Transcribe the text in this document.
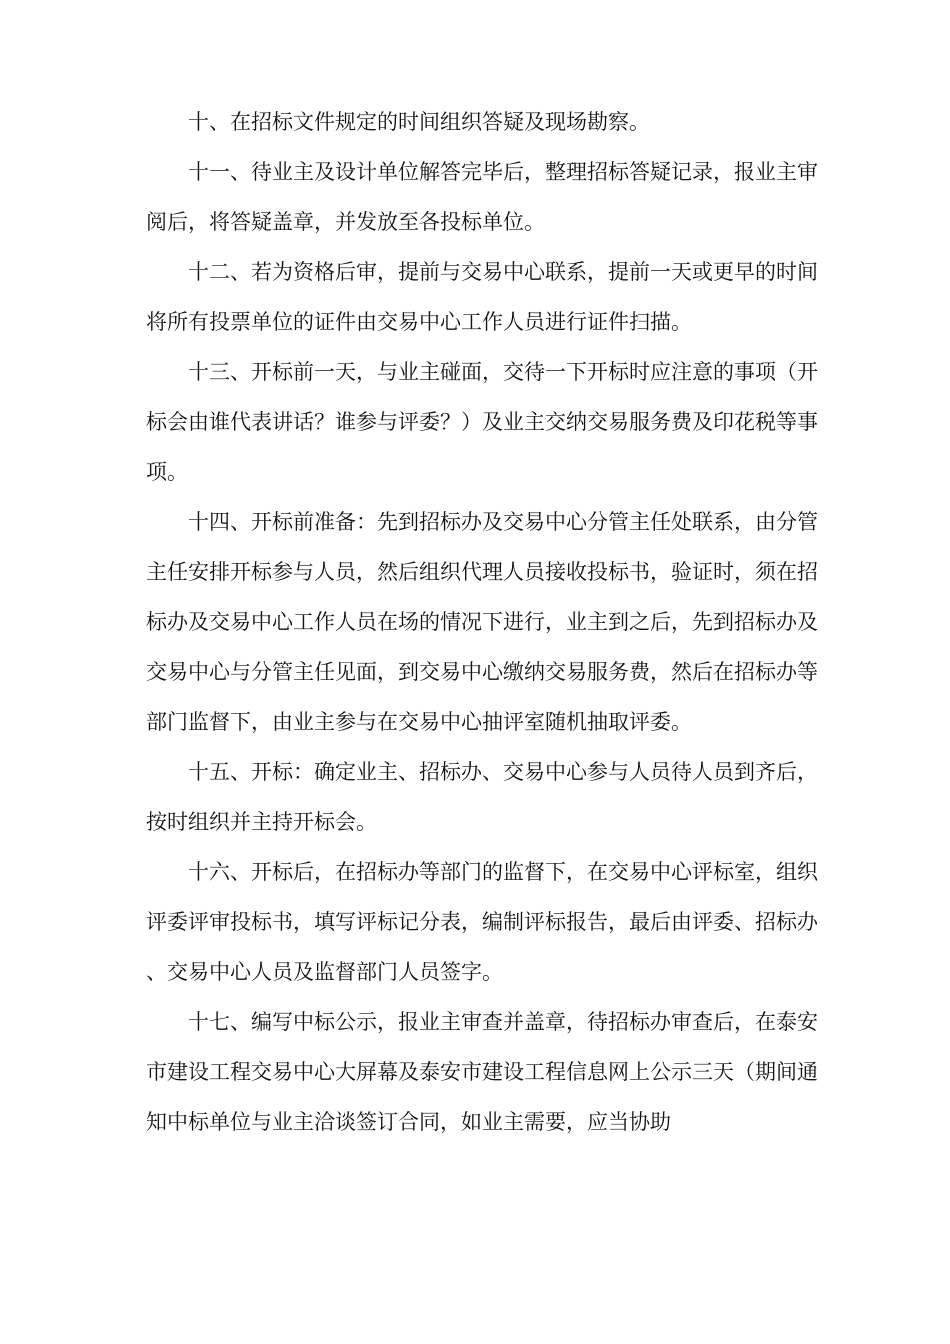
十、在招标文件规定的时间组织答疑及现场勘察。

十一、待业主及设计单位解答完毕后，整理招标答疑记录，报业主审阅后，将答疑盖章，并发放至各投标单位。

十二、若为资格后审，提前与交易中心联系，提前一天或更早的时间将所有投票单位的证件由交易中心工作人员进行证件扫描。

十三、开标前一天，与业主碰面，交待一下开标时应注意的事项（开标会由谁代表讲话？谁参与评委？）及业主交纳交易服务费及印花税等事项。

十四、开标前准备：先到招标办及交易中心分管主任处联系，由分管主任安排开标参与人员，然后组织代理人员接收投标书，验证时，须在招标办及交易中心工作人员在场的情况下进行，业主到之后，先到招标办及交易中心与分管主任见面，到交易中心缴纳交易服务费，然后在招标办等部门监督下，由业主参与在交易中心抽评室随机抽取评委。

十五、开标：确定业主、招标办、交易中心参与人员待人员到齐后，按时组织并主持开标会。

十六、开标后，在招标办等部门的监督下，在交易中心评标室，组织评委评审投标书，填写评标记分表，编制评标报告，最后由评委、招标办、交易中心人员及监督部门人员签字。

十七、编写中标公示，报业主审查并盖章，待招标办审查后，在泰安市建设工程交易中心大屏幕及泰安市建设工程信息网上公示三天（期间通知中标单位与业主洽谈签订合同，如业主需要，应当协助
